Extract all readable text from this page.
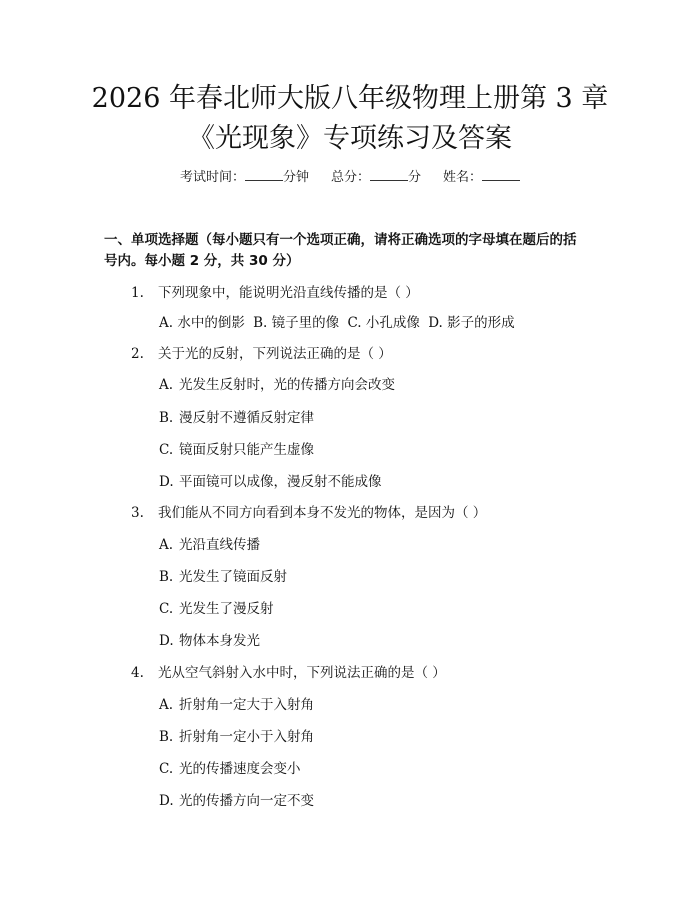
2026 年春北师大版八年级物理上册第 3 章
《光现象》专项练习及答案
考试时间：	分钟 总分：	分 姓名：
一、单项选择题（每小题只有一个选项正确，请将正确选项的字母填在题后的括
号内。每小题 2 分，共 30 分）
1. 下列现象中，能说明光沿直线传播的是（ ）
A. 水中的倒影 B. 镜子里的像 C. 小孔成像 D. 影子的形成
2. 关于光的反射，下列说法正确的是（ ）
A. 光发生反射时，光的传播方向会改变
B. 漫反射不遵循反射定律
C. 镜面反射只能产生虚像
D. 平面镜可以成像，漫反射不能成像
3. 我们能从不同方向看到本身不发光的物体，是因为（ ）
A. 光沿直线传播
B. 光发生了镜面反射
C. 光发生了漫反射
D. 物体本身发光
4. 光从空气斜射入水中时，下列说法正确的是（ ）
A. 折射角一定大于入射角
B. 折射角一定小于入射角
C. 光的传播速度会变小
D. 光的传播方向一定不变
